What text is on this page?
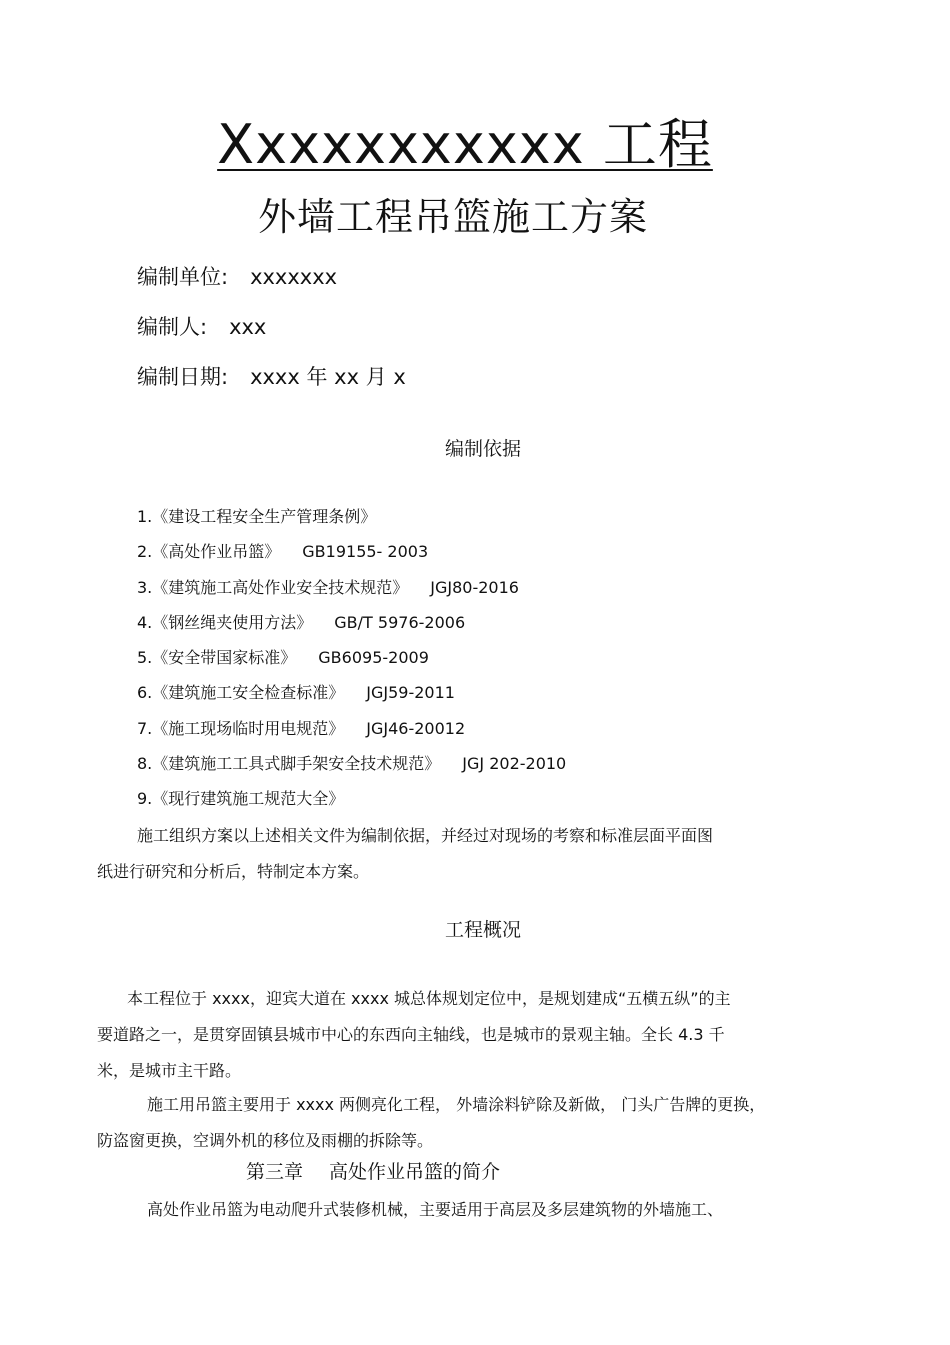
Xxxxxxxxxxx 工程
外墙工程吊篮施工方案
编制单位: xxxxxxx
编制人: xxx
编制日期: xxxx 年 xx 月 x
编制依据
1.《建设工程安全生产管理条例》
2.《高处作业吊篮》 GB19155- 2003
3.《建筑施工高处作业安全技术规范》 JGJ80-2016
4.《钢丝绳夹使用方法》 GB/T 5976-2006
5.《安全带国家标准》 GB6095-2009
6.《建筑施工安全检查标准》 JGJ59-2011
7.《施工现场临时用电规范》 JGJ46-20012
8.《建筑施工工具式脚手架安全技术规范》 JGJ 202-2010
9.《现行建筑施工规范大全》
施工组织方案以上述相关文件为编制依据，并经过对现场的考察和标准层面平面图
纸进行研究和分析后，特制定本方案。
工程概况
本工程位于 xxxx，迎宾大道在 xxxx 城总体规划定位中，是规划建成“五横五纵”的主
要道路之一，是贯穿固镇县城市中心的东西向主轴线，也是城市的景观主轴。全长 4.3 千
米，是城市主干路。
施工用吊篮主要用于 xxxx 两侧亮化工程， 外墙涂料铲除及新做， 门头广告牌的更换，
防盗窗更换，空调外机的移位及雨棚的拆除等。
第三章 高处作业吊篮的简介
高处作业吊篮为电动爬升式装修机械，主要适用于高层及多层建筑物的外墙施工、
